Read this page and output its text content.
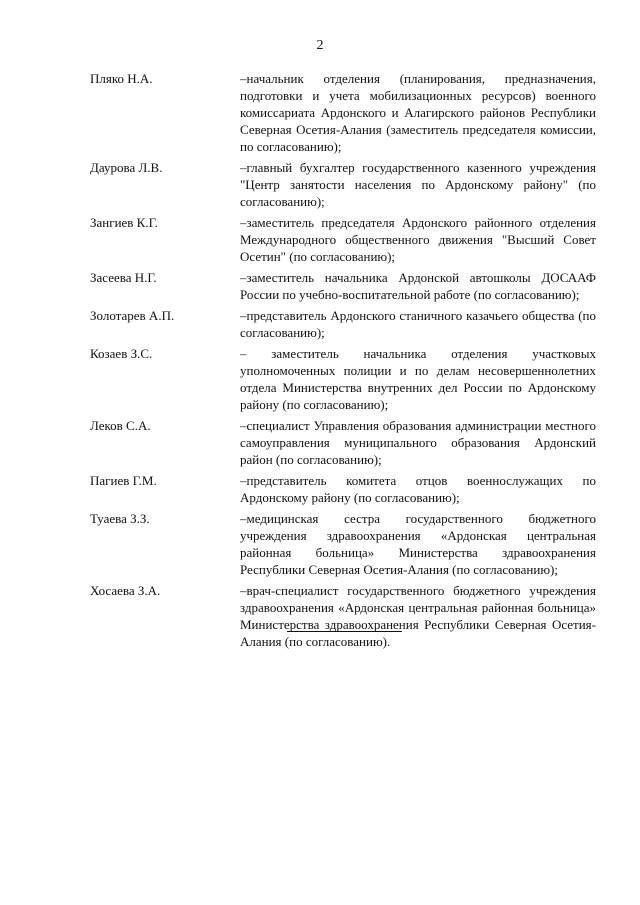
2
Пляко Н.А.	–начальник отделения (планирования, предназначения, подготовки и учета мобилизационных ресурсов) военного комиссариата Ардонского и Алагирского районов Республики Северная Осетия-Алания (заместитель председателя комиссии, по согласованию);
Даурова Л.В.	–главный бухгалтер государственного казенного учреждения "Центр занятости населения по Ардонскому району" (по согласованию);
Зангиев К.Г.	–заместитель председателя Ардонского районного отделения Международного общественного движения "Высший Совет Осетин" (по согласованию);
Засеева Н.Г.	–заместитель начальника Ардонской автошколы ДОСААФ России по учебно-воспитательной работе (по согласованию);
Золотарев А.П.	–представитель Ардонского станичного казачьего общества (по согласованию);
Козаев З.С.	– заместитель начальника отделения участковых уполномоченных полиции и по делам несовершеннолетних отдела Министерства внутренних дел России по Ардонскому району (по согласованию);
Леков С.А.	–специалист Управления образования администрации местного самоуправления муниципального образования Ардонский район (по согласованию);
Пагиев Г.М.	–представитель комитета отцов военнослужащих по Ардонскому району (по согласованию);
Туаева З.З.	–медицинская сестра государственного бюджетного учреждения здравоохранения «Ардонская центральная районная больница» Министерства здравоохранения Республики Северная Осетия-Алания (по согласованию);
Хосаева З.А.	–врач-специалист государственного бюджетного учреждения здравоохранения «Ардонская центральная районная больница» Министерства здравоохранения Республики Северная Осетия-Алания (по согласованию).
